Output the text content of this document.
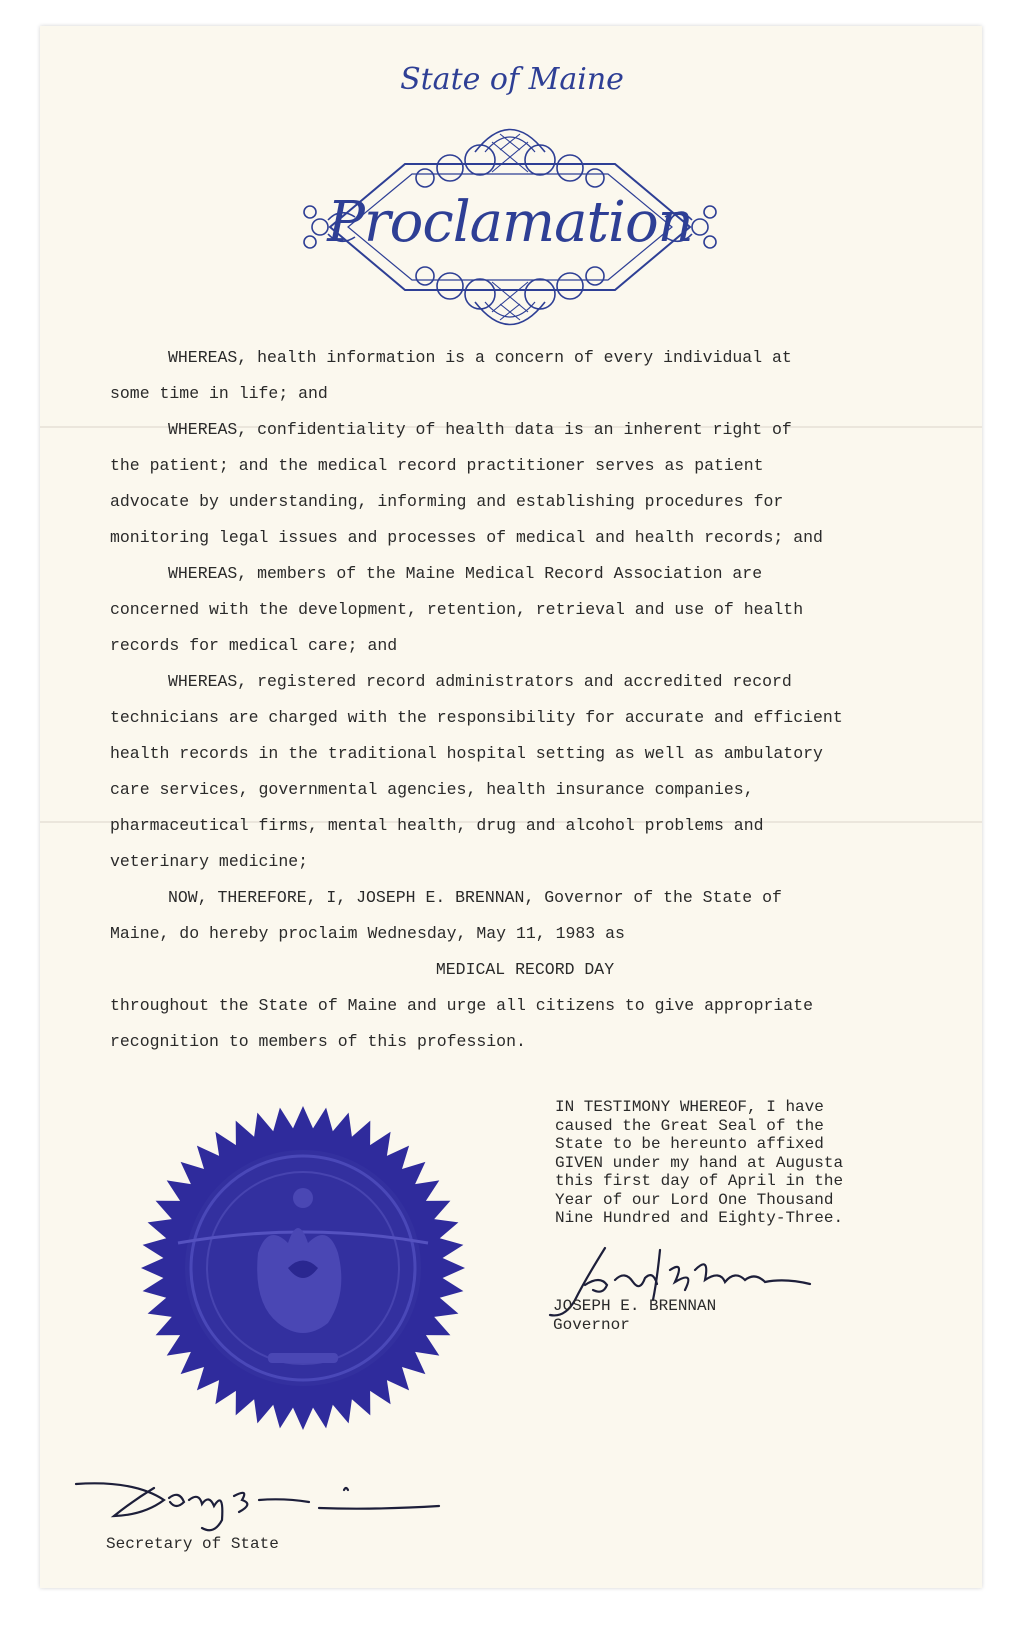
State of Maine
Proclamation
WHEREAS, health information is a concern of every individual at
some time in life; and
WHEREAS, confidentiality of health data is an inherent right of
the patient; and the medical record practitioner serves as patient
advocate by understanding, informing and establishing procedures for
monitoring legal issues and processes of medical and health records; and
WHEREAS, members of the Maine Medical Record Association are
concerned with the development, retention, retrieval and use of health
records for medical care; and
WHEREAS, registered record administrators and accredited record
technicians are charged with the responsibility for accurate and efficient
health records in the traditional hospital setting as well as ambulatory
care services, governmental agencies, health insurance companies,
pharmaceutical firms, mental health, drug and alcohol problems and
veterinary medicine;
NOW, THEREFORE, I, JOSEPH E. BRENNAN, Governor of the State of
Maine, do hereby proclaim Wednesday, May 11, 1983 as
MEDICAL RECORD DAY
throughout the State of Maine and urge all citizens to give appropriate
recognition to members of this profession.
IN TESTIMONY WHEREOF, I have
caused the Great Seal of the
State to be hereunto affixed
GIVEN under my hand at Augusta
this first day of April in the
Year of our Lord One Thousand
Nine Hundred and Eighty-Three.
JOSEPH E. BRENNAN
Governor
Secretary of State
